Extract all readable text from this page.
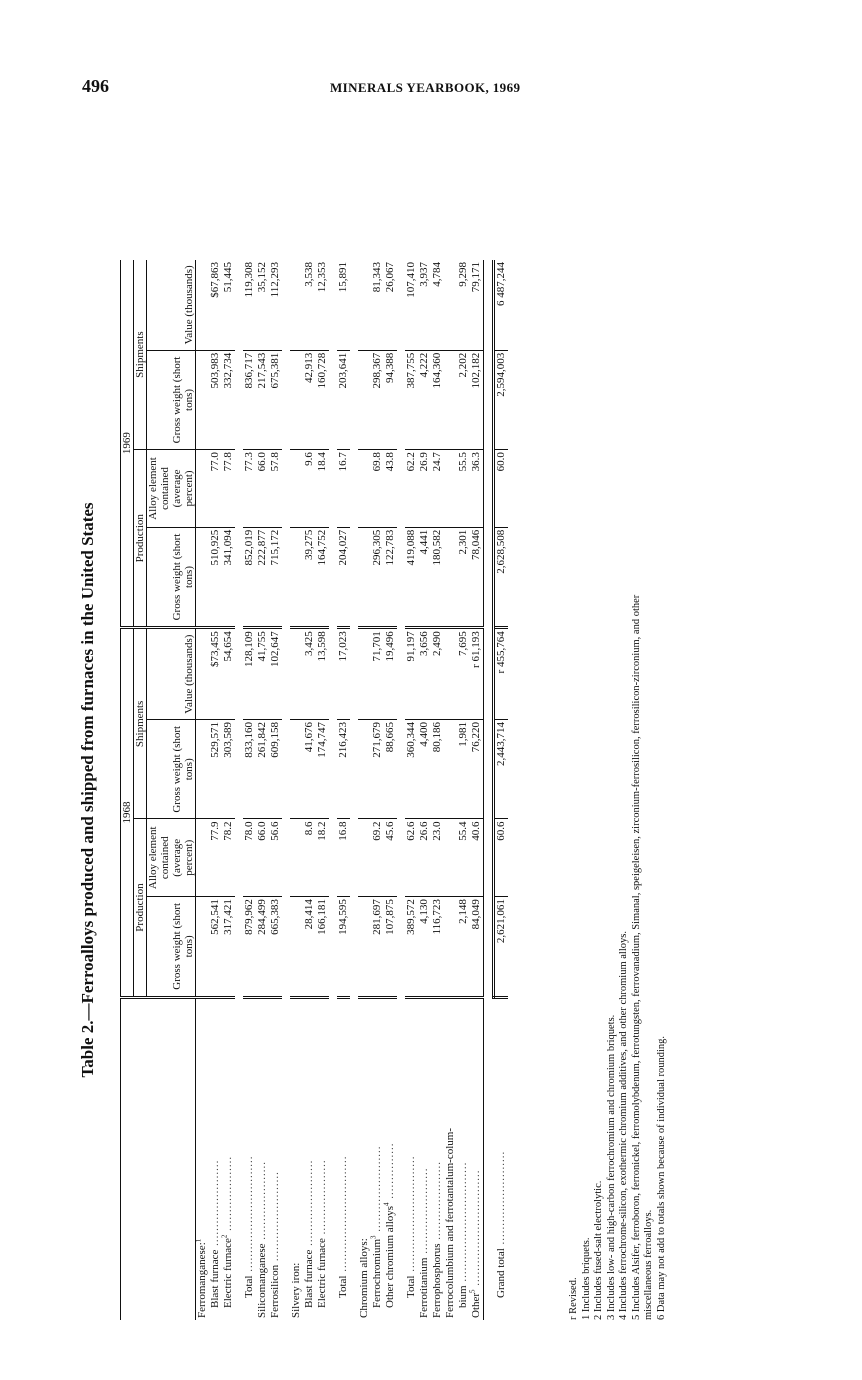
496	MINERALS YEARBOOK, 1969
Table 2.—Ferroalloys produced and shipped from furnaces in the United States
	1968				1969			
	Production		Shipments		Production		Shipments	
	Gross weight (short tons)	Alloy element contained (average percent)	Gross weight (short tons)	Value (thousands)	Gross weight (short tons)	Alloy element contained (average percent)	Gross weight (short tons)	Value (thousands)
Ferromanganese:$^1$								
Blast furnace .......................	562,541	77.9	529,571	$73,455	510,925	77.0	503,983	$67,863
Electric furnace$^2$ ....................	317,421	78.2	303,589	54,654	341,094	77.8	332,734	51,445

Total ...............................	879,962	78.0	833,160	128,109	852,019	77.3	836,717	119,308
Silicomanganese .....................	284,499	66.0	261,842	41,755	222,877	66.0	217,543	35,152
Ferrosilicon ........................	665,383	56.6	609,158	102,647	715,172	57.8	675,381	112,293

Silvery iron:								
Blast furnace .......................	28,414	8.6	41,676	3,425	39,275	9.6	42,913	3,538
Electric furnace ....................	166,181	18.2	174,747	13,598	164,752	18.4	160,728	12,353

Total ...............................	194,595	16.8	216,423	17,023	204,027	16.7	203,641	15,891

Chromium alloys:								
Ferrochromium$^3$ .......................	281,697	69.2	271,679	71,701	296,305	69.8	298,367	81,343
Other chromium alloys$^4$ ...............	107,875	45.6	88,665	19,496	122,783	43.8	94,388	26,067

Total ...............................	389,572	62.6	360,344	91,197	419,088	62.2	387,755	107,410
Ferrotitanium .......................	4,130	26.6	4,400	3,656	4,441	26.9	4,222	3,937
Ferrophosphorus .....................	116,723	23.0	80,186	2,490	180,582	24.7	164,360	4,784
Ferrocolumbium and ferrotantalum-colum-								
bium ................................	2,148	55.4	1,981	7,695	2,301	55.5	2,202	9,298
Other$^5$ ...............................	84,049	40.6	76,220	r 61,193	78,046	36.3	102,182	79,171

Grand total .........................	2,621,061	60.6	2,443,714	r 455,764	2,628,508	60.0	2,594,003	6 487,244
r Revised. 1 Includes briquets. 2 Includes fused-salt electrolytic. 3 Includes low- and high-carbon ferrochromium and chromium briquets. 4 Includes ferrochrome-silicon, exothermic chromium additives, and other chromium alloys. 5 Includes Alsifer, ferroboron, ferronickel, ferromolybdenum, ferrotungsten, ferrovanadium, Simanal, speigeleisen, zirconium-ferrosilicon, ferrosilicon-zirconium, and other miscellaneous ferroalloys. 6 Data may not add to totals shown because of individual rounding.
